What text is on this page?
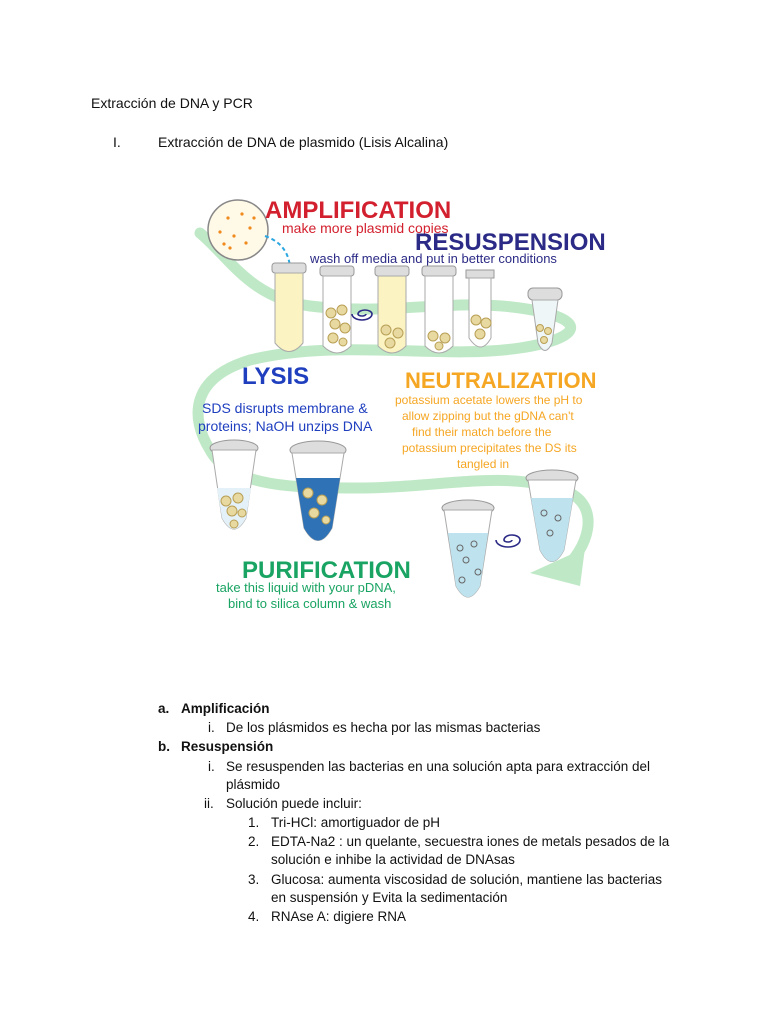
Extracción de DNA y PCR
I.	Extracción de DNA de plasmido (Lisis Alcalina)
AMPLIFICATION
make more plasmid copies
RESUSPENSION
wash off media and put in better conditions
LYSIS
SDS disrupts membrane &
proteins; NaOH unzips DNA
NEUTRALIZATION
potassium acetate lowers the pH to
allow zipping but the gDNA can't
find their match before the
potassium precipitates the DS its
tangled in
PURIFICATION
take this liquid with your pDNA,
bind to silica column & wash
a. Amplificación
i. De los plásmidos es hecha por las mismas bacterias
b. Resuspensión
i. Se resuspenden las bacterias en una solución apta para extracción del
plásmido
ii. Solución puede incluir:
1. Tri-HCl: amortiguador de pH
2. EDTA-Na2 : un quelante, secuestra iones de metals pesados de la
solución e inhibe la actividad de DNAsas
3. Glucosa: aumenta viscosidad de solución, mantiene las bacterias
en suspensión y Evita la sedimentación
4. RNAse A: digiere RNA
